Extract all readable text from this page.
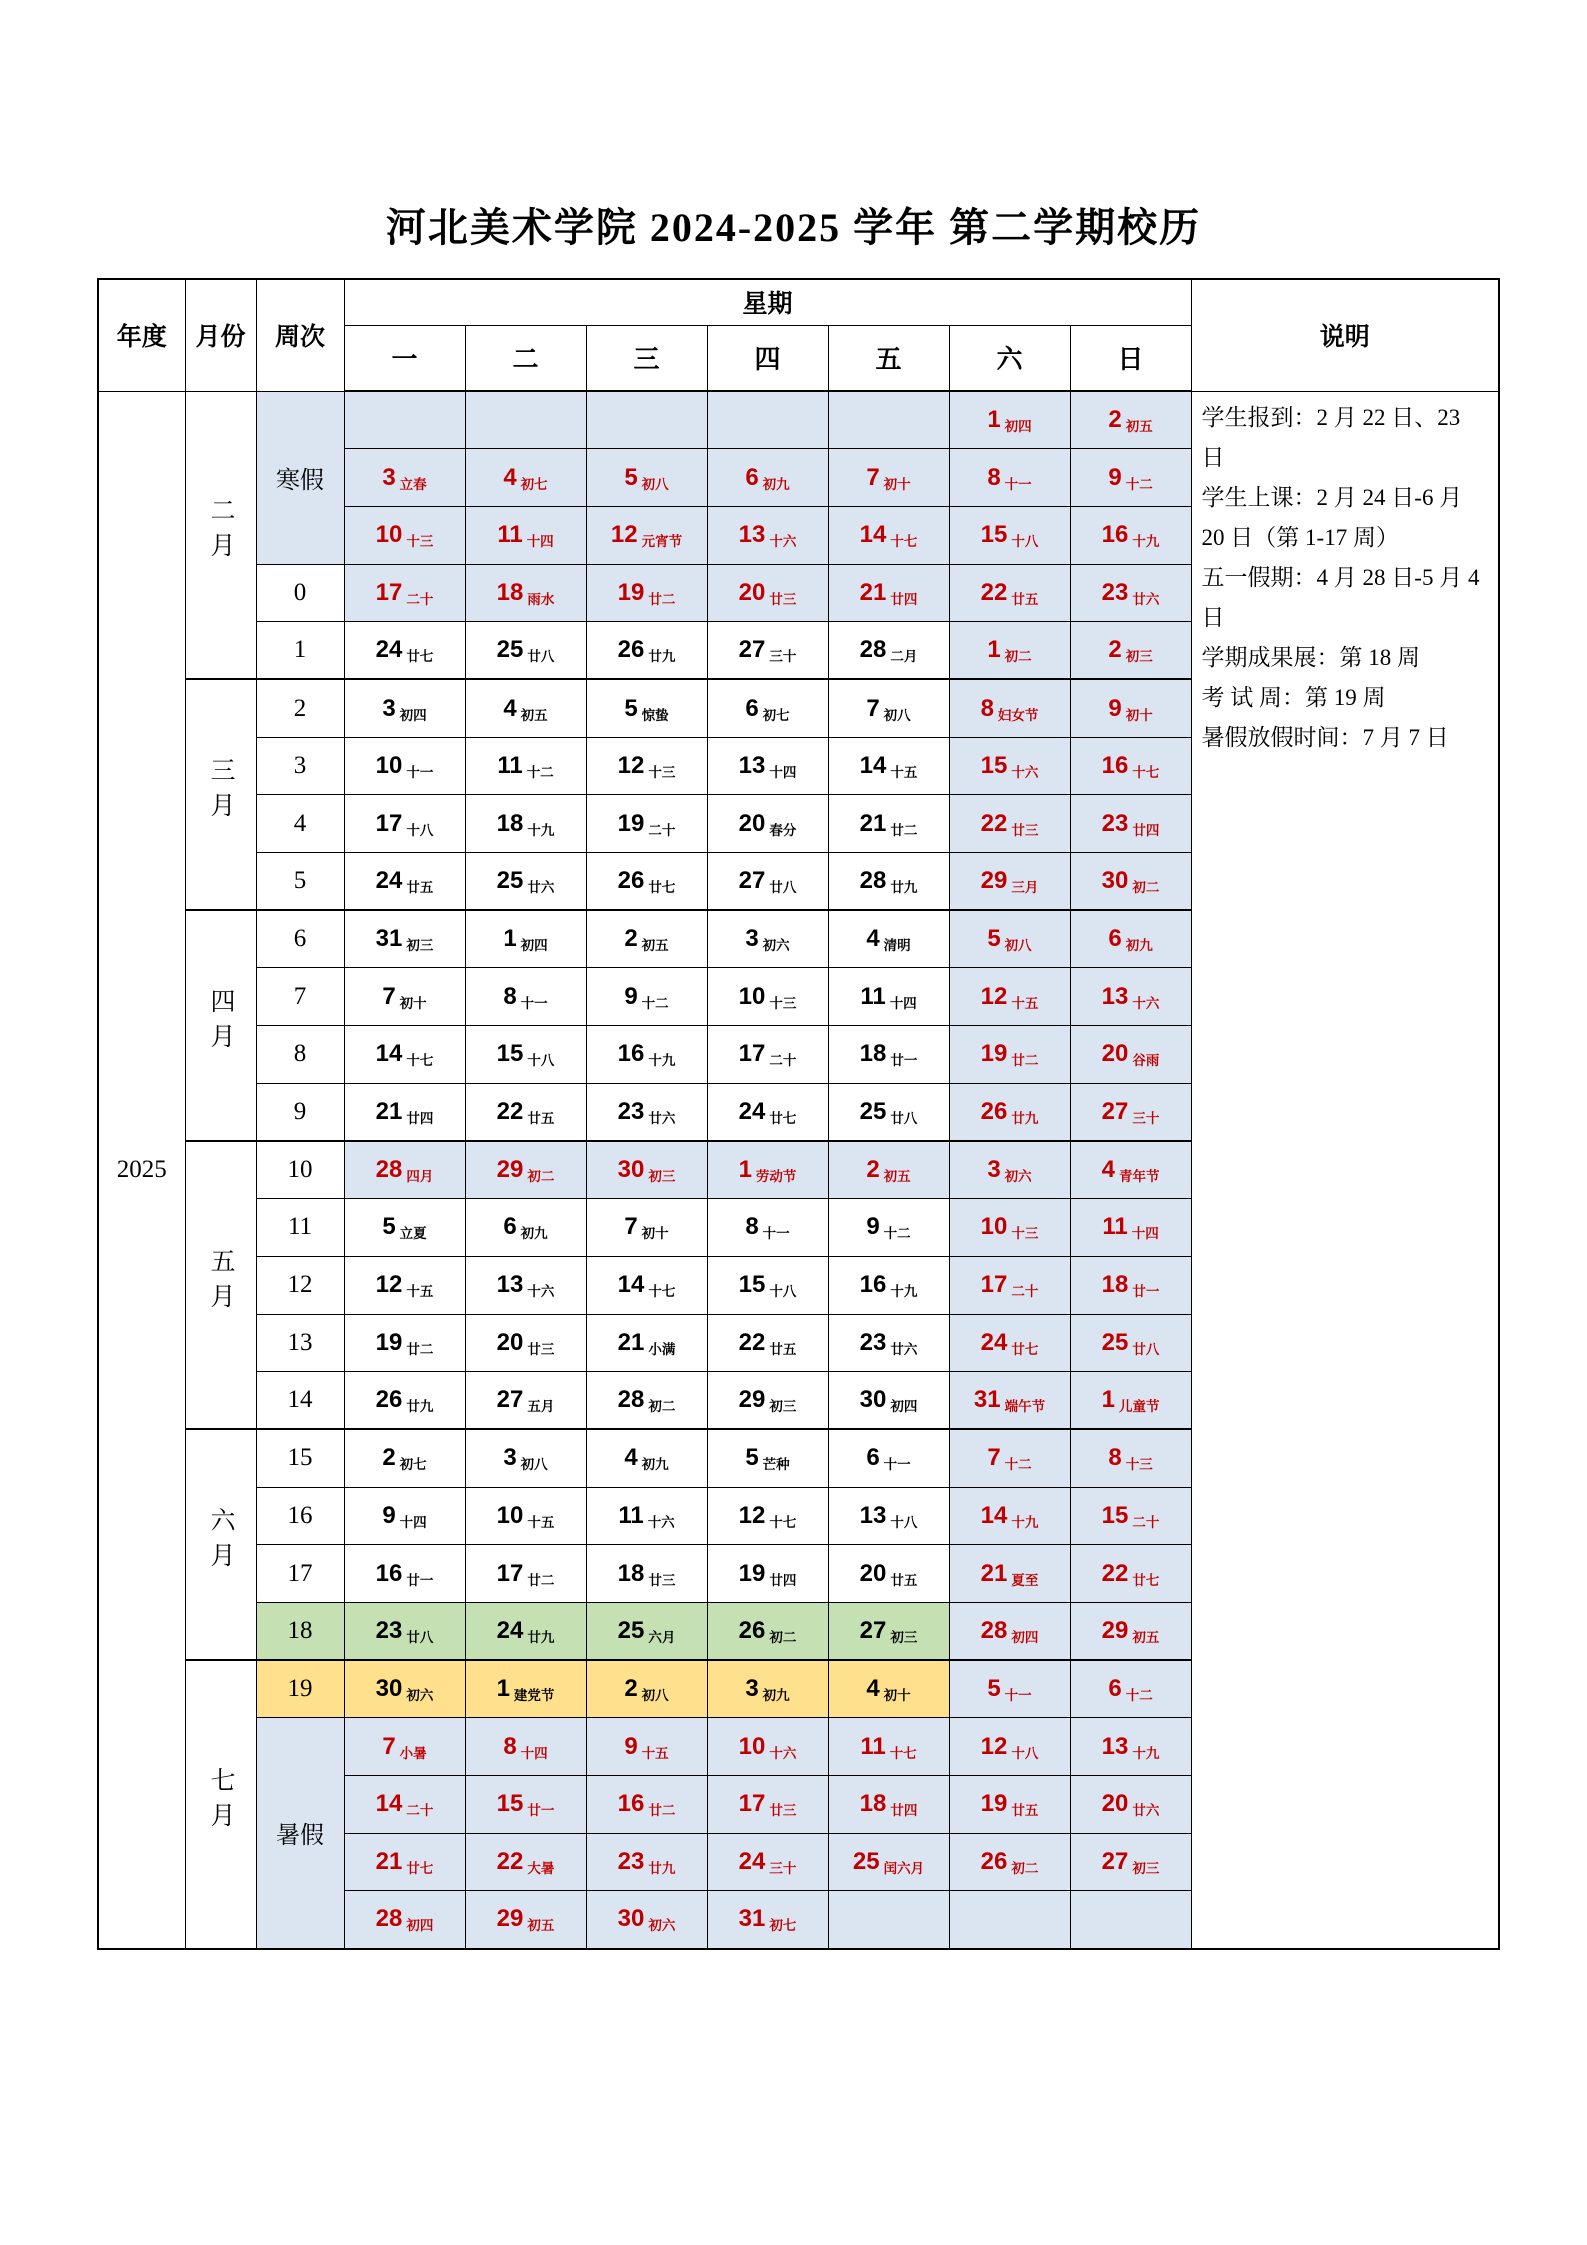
河北美术学院 2024-2025 学年 第二学期校历
年度	月份	周次	星期							说明
			一	二	三	四	五	六	日	
2025	二月	寒假						1 初四	2 初五	学生报到：2 月 22 日、23 日
学生上课：2 月 24 日-6 月 20 日（第 1-17 周）
五一假期：4 月 28 日-5 月 4 日
学期成果展：第 18 周
考 试 周：第 19 周
暑假放假时间：7 月 7 日

			3 立春	4 初七	5 初八	6 初九	7 初十	8 十一	9 十二	
			10 十三	11 十四	12 元宵节	13 十六	14 十七	15 十八	16 十九	
		0	17 二十	18 雨水	19 廿二	20 廿三	21 廿四	22 廿五	23 廿六	
		1	24 廿七	25 廿八	26 廿九	27 三十	28 二月	1 初二	2 初三	
	三月	2	3 初四	4 初五	5 惊蛰	6 初七	7 初八	8 妇女节	9 初十	
		3	10 十一	11 十二	12 十三	13 十四	14 十五	15 十六	16 十七	
		4	17 十八	18 十九	19 二十	20 春分	21 廿二	22 廿三	23 廿四	
		5	24 廿五	25 廿六	26 廿七	27 廿八	28 廿九	29 三月	30 初二	
	四月	6	31 初三	1 初四	2 初五	3 初六	4 清明	5 初八	6 初九	
		7	7 初十	8 十一	9 十二	10 十三	11 十四	12 十五	13 十六	
		8	14 十七	15 十八	16 十九	17 二十	18 廿一	19 廿二	20 谷雨	
		9	21 廿四	22 廿五	23 廿六	24 廿七	25 廿八	26 廿九	27 三十	
	五月	10	28 四月	29 初二	30 初三	1 劳动节	2 初五	3 初六	4 青年节	
		11	5 立夏	6 初九	7 初十	8 十一	9 十二	10 十三	11 十四	
		12	12 十五	13 十六	14 十七	15 十八	16 十九	17 二十	18 廿一	
		13	19 廿二	20 廿三	21 小满	22 廿五	23 廿六	24 廿七	25 廿八	
		14	26 廿九	27 五月	28 初二	29 初三	30 初四	31 端午节	1 儿童节	
	六月	15	2 初七	3 初八	4 初九	5 芒种	6 十一	7 十二	8 十三	
		16	9 十四	10 十五	11 十六	12 十七	13 十八	14 十九	15 二十	
		17	16 廿一	17 廿二	18 廿三	19 廿四	20 廿五	21 夏至	22 廿七	
		18	23 廿八	24 廿九	25 六月	26 初二	27 初三	28 初四	29 初五	
	七月	19	30 初六	1 建党节	2 初八	3 初九	4 初十	5 十一	6 十二	
		暑假	7 小暑	8 十四	9 十五	10 十六	11 十七	12 十八	13 十九	
			14 二十	15 廿一	16 廿二	17 廿三	18 廿四	19 廿五	20 廿六	
			21 廿七	22 大暑	23 廿九	24 三十	25 闰六月	26 初二	27 初三	
			28 初四	29 初五	30 初六	31 初七				
